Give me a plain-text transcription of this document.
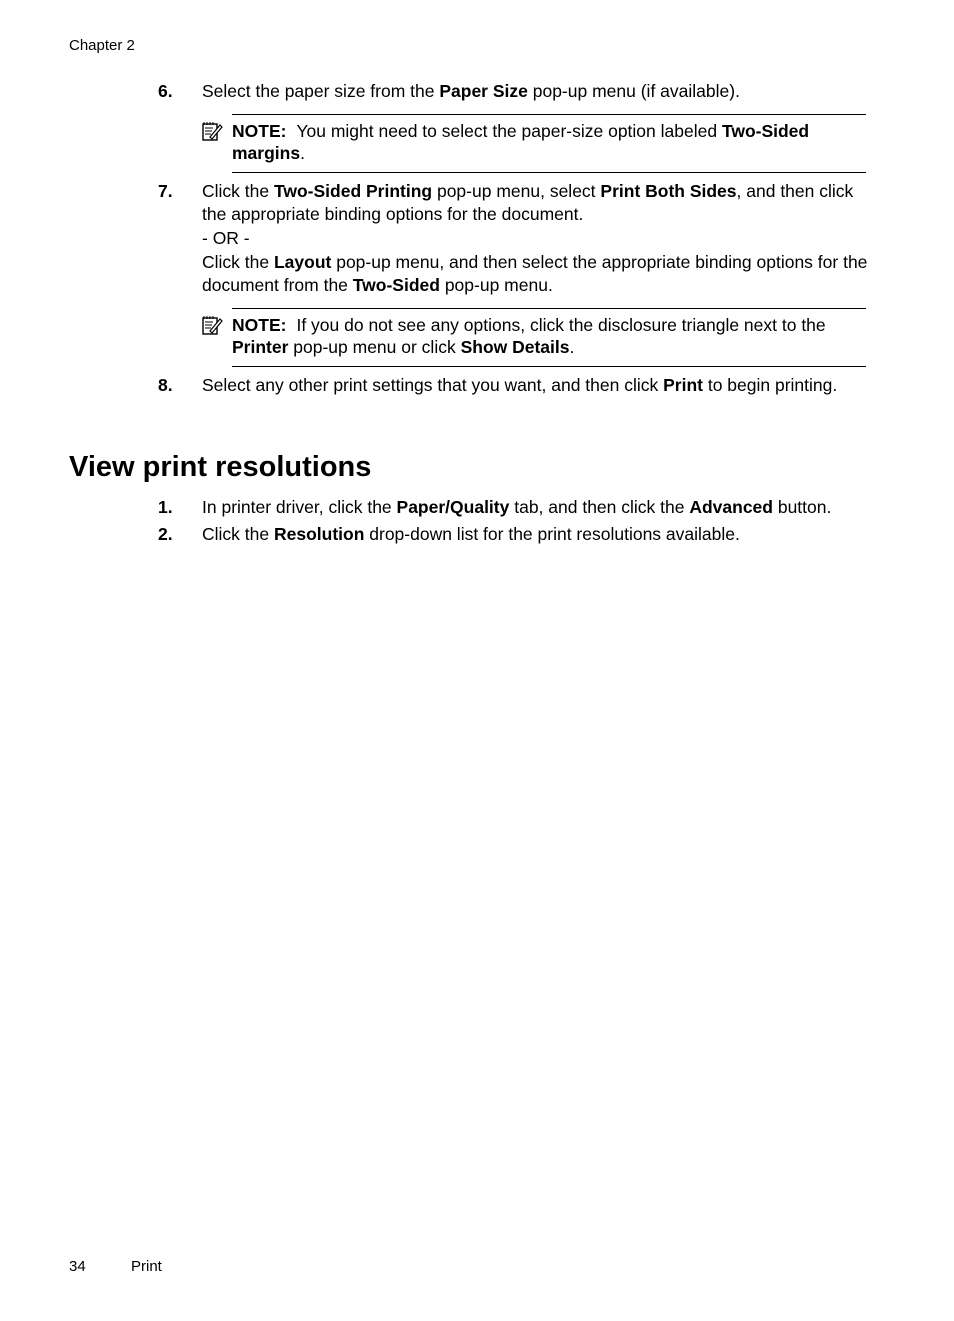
Chapter 2
6. Select the paper size from the Paper Size pop-up menu (if available).
NOTE: You might need to select the paper-size option labeled Two-Sided margins.
7. Click the Two-Sided Printing pop-up menu, select Print Both Sides, and then click the appropriate binding options for the document.
- OR -
Click the Layout pop-up menu, and then select the appropriate binding options for the document from the Two-Sided pop-up menu.
NOTE: If you do not see any options, click the disclosure triangle next to the Printer pop-up menu or click Show Details.
8. Select any other print settings that you want, and then click Print to begin printing.
View print resolutions
1. In printer driver, click the Paper/Quality tab, and then click the Advanced button.
2. Click the Resolution drop-down list for the print resolutions available.
34	Print
